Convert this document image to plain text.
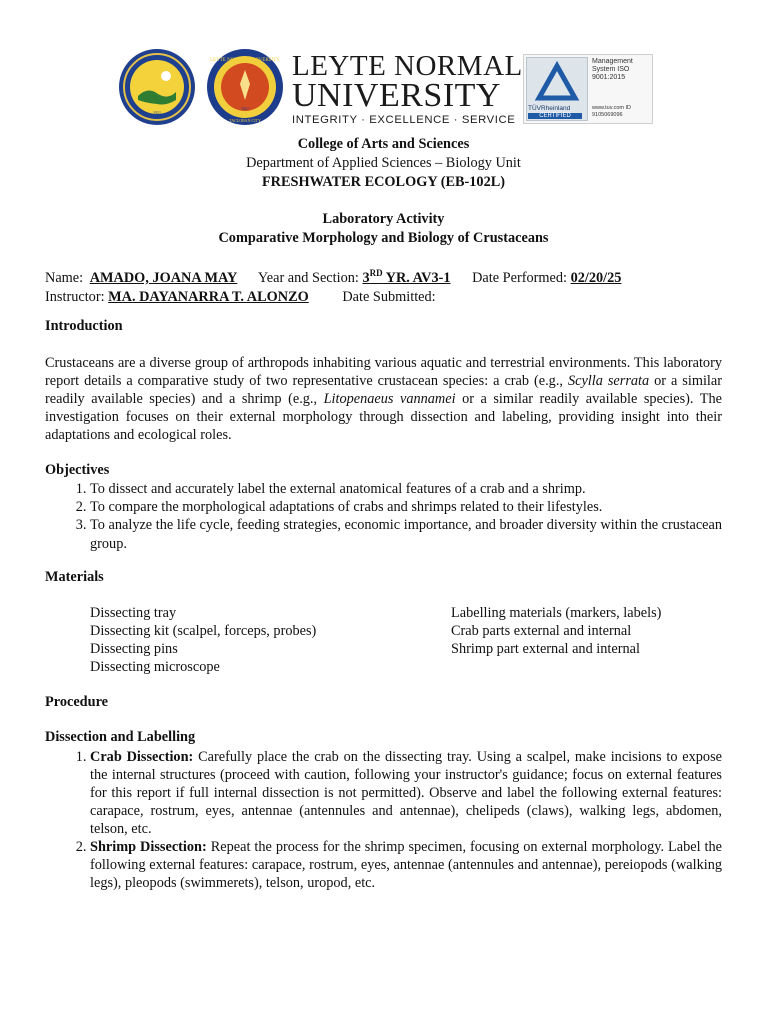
1921
LEYTE NORMAL UNIVERSITY
TACLOBAN CITY
1921
LEYTE NORMAL
UNIVERSITY
INTEGRITY · EXCELLENCE · SERVICE
TÜVRheinland
CERTIFIED
Management System ISO 9001:2015
www.tuv.com ID 9105069096
College of Arts and Sciences
Department of Applied Sciences – Biology Unit
FRESHWATER ECOLOGY (EB-102L)
Laboratory Activity
Comparative Morphology and Biology of Crustaceans
Name: AMADO, JOANA MAY Year and Section: 3RD YR. AV3-1 Date Performed: 02/20/25
Instructor: MA. DAYANARRA T. ALONZO Date Submitted:
Introduction
Crustaceans are a diverse group of arthropods inhabiting various aquatic and terrestrial environments. This laboratory report details a comparative study of two representative crustacean species: a crab (e.g., Scylla serrata or a similar readily available species) and a shrimp (e.g., Litopenaeus vannamei or a similar readily available species). The investigation focuses on their external morphology through dissection and labeling, providing insight into their adaptations and ecological roles.
Objectives
1. To dissect and accurately label the external anatomical features of a crab and a shrimp.
2. To compare the morphological adaptations of crabs and shrimps related to their lifestyles.
3. To analyze the life cycle, feeding strategies, economic importance, and broader diversity within the crustacean group.
Materials
Dissecting tray
Dissecting kit (scalpel, forceps, probes)
Dissecting pins
Dissecting microscope
Labelling materials (markers, labels)
Crab parts external and internal
Shrimp part external and internal
Procedure
Dissection and Labelling
1. Crab Dissection: Carefully place the crab on the dissecting tray. Using a scalpel, make incisions to expose the internal structures (proceed with caution, following your instructor's guidance; focus on external features for this report if full internal dissection is not permitted). Observe and label the following external features: carapace, rostrum, eyes, antennae (antennules and antennae), chelipeds (claws), walking legs, abdomen, telson, etc.
2. Shrimp Dissection: Repeat the process for the shrimp specimen, focusing on external morphology. Label the following external features: carapace, rostrum, eyes, antennae (antennules and antennae), pereiopods (walking legs), pleopods (swimmerets), telson, uropod, etc.
